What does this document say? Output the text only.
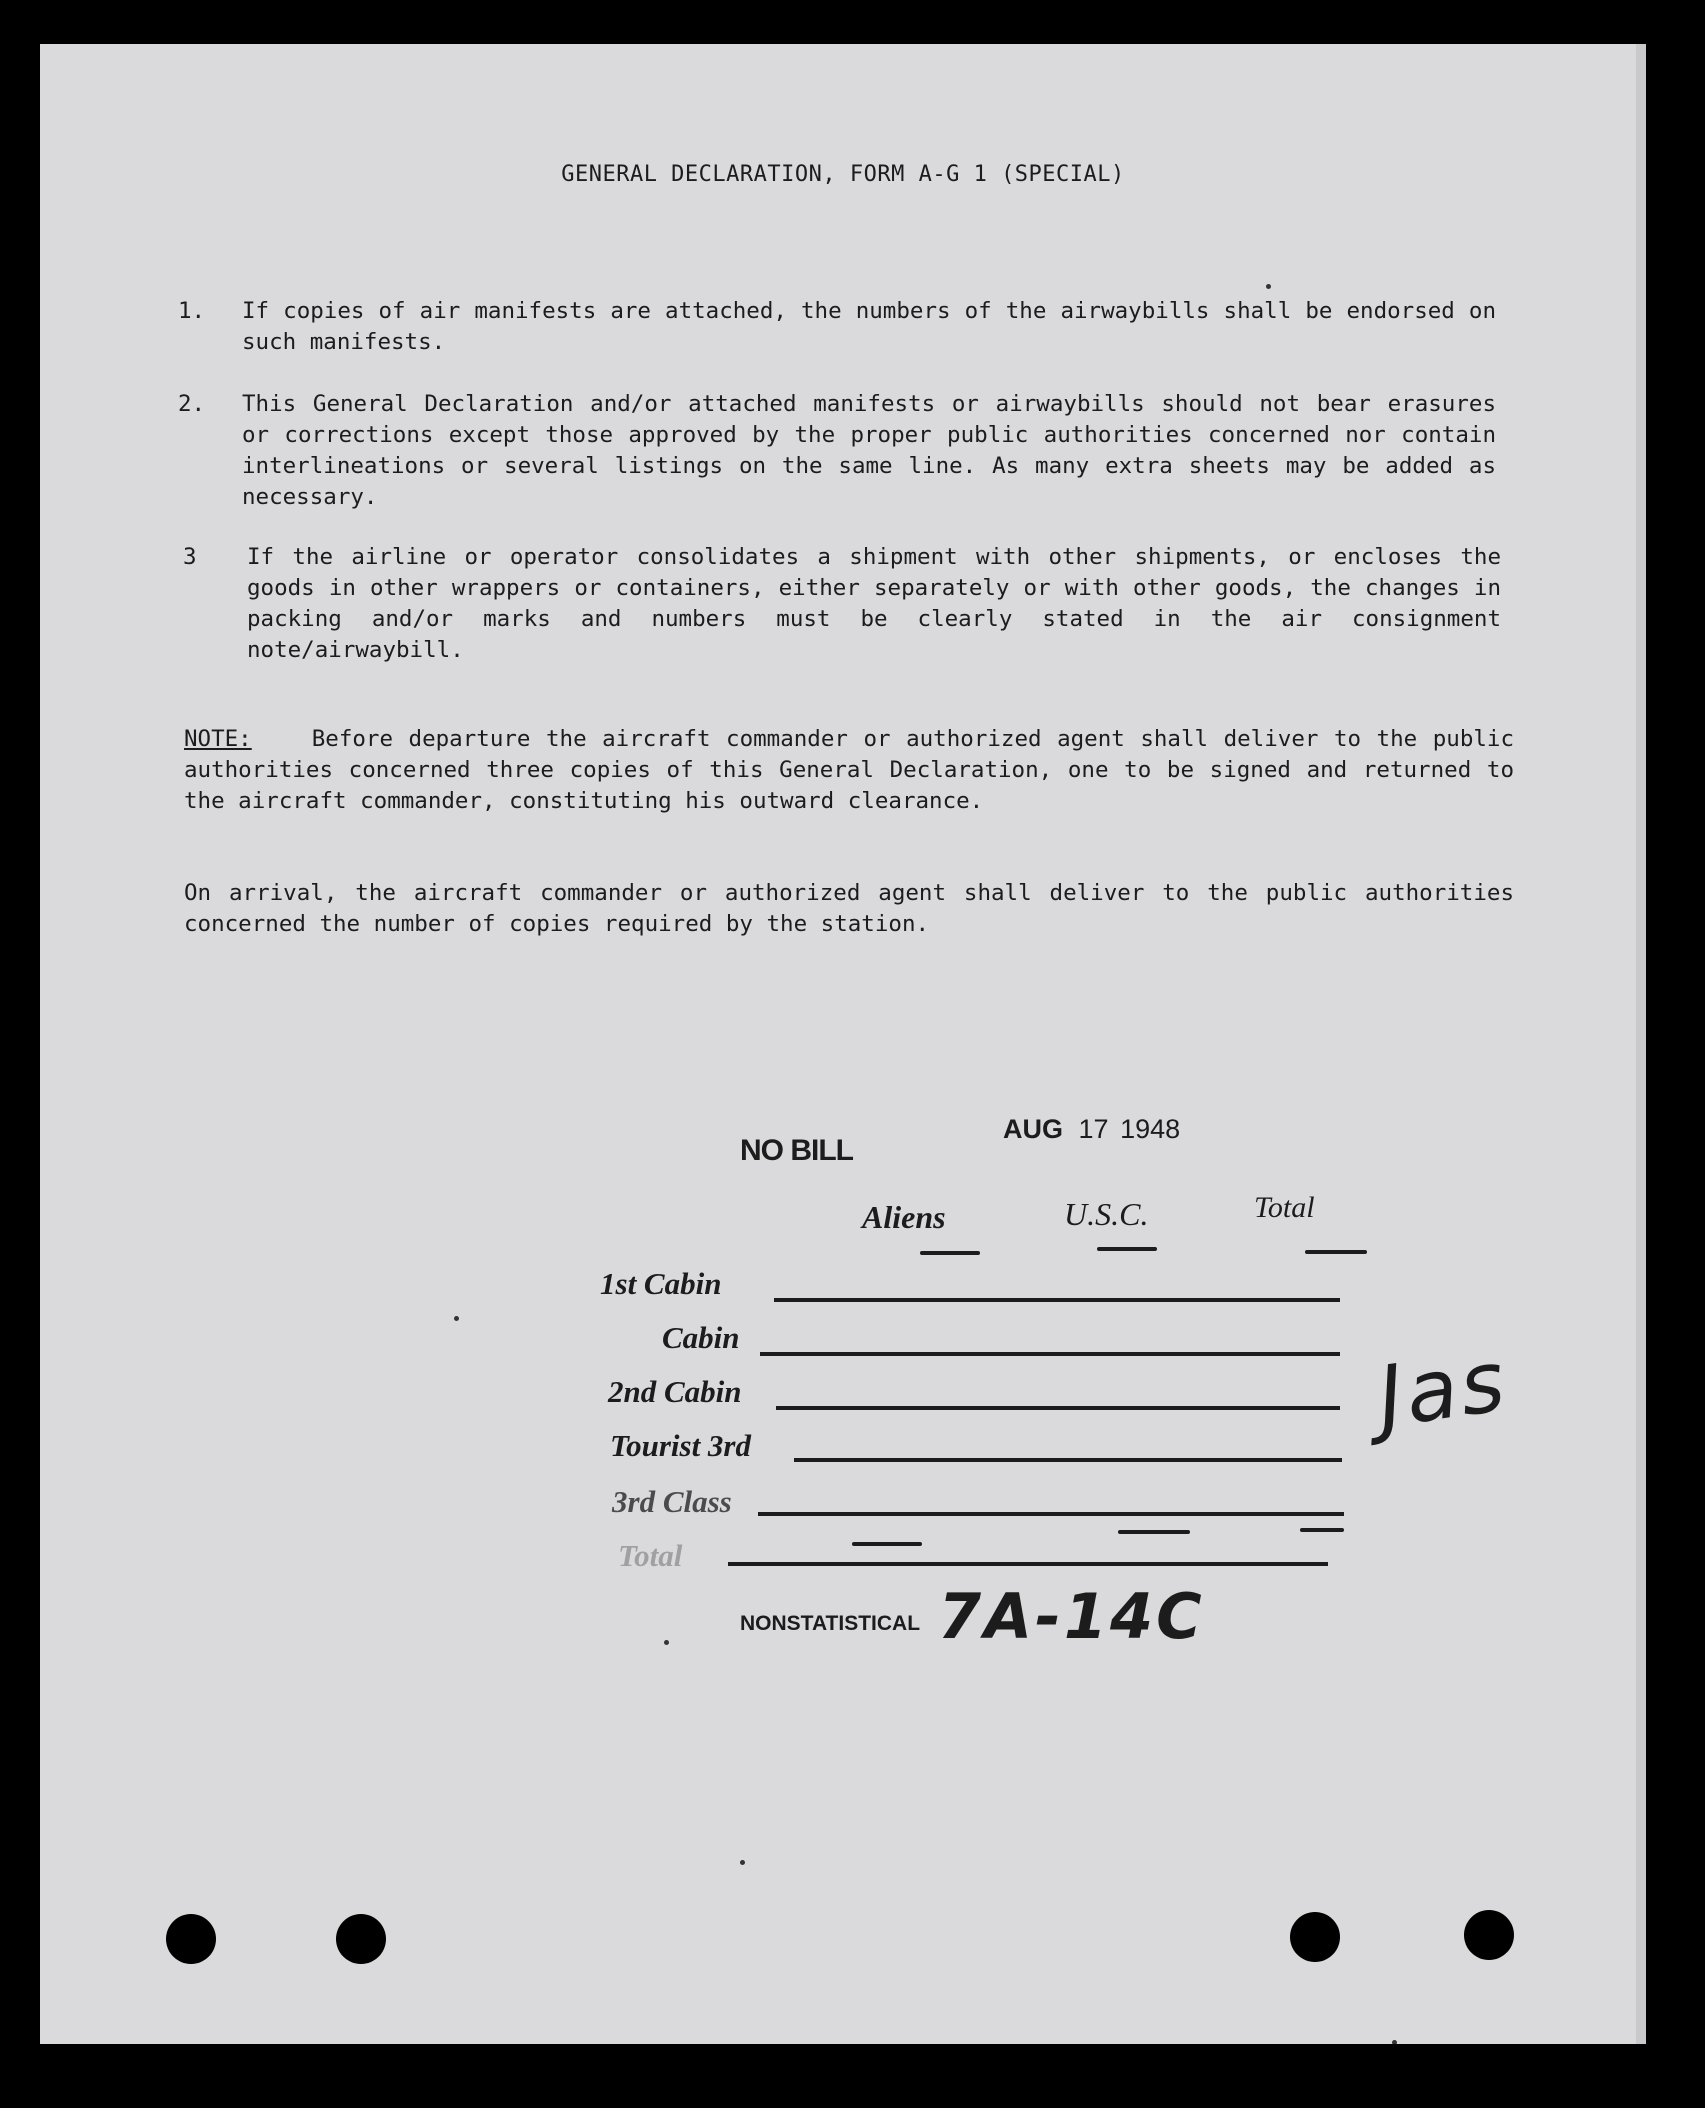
GENERAL DECLARATION, FORM A-G 1 (SPECIAL)
1. If copies of air manifests are attached, the numbers of the airwaybills shall be endorsed on such manifests.
2. This General Declaration and/or attached manifests or airwaybills should not bear erasures or corrections except those approved by the proper public authorities concerned nor contain interlineations or several listings on the same line. As many extra sheets may be added as necessary.
3 If the airline or operator consolidates a shipment with other shipments, or encloses the goods in other wrappers or containers, either separately or with other goods, the changes in packing and/or marks and numbers must be clearly stated in the air consignment note/airwaybill.
NOTE:	Before departure the aircraft commander or authorized agent shall deliver to the public authorities concerned three copies of this General Declaration, one to be signed and returned to the aircraft commander, constituting his outward clearance.
On arrival, the aircraft commander or authorized agent shall deliver to the public authorities concerned the number of copies required by the station.
NO BILL
AUG 17 1948
Aliens	U.S.C.	Total
1st Cabin
Cabin
2nd Cabin
Tourist 3rd
3rd Class
Total
NONSTATISTICAL 7A-14C
Jas
